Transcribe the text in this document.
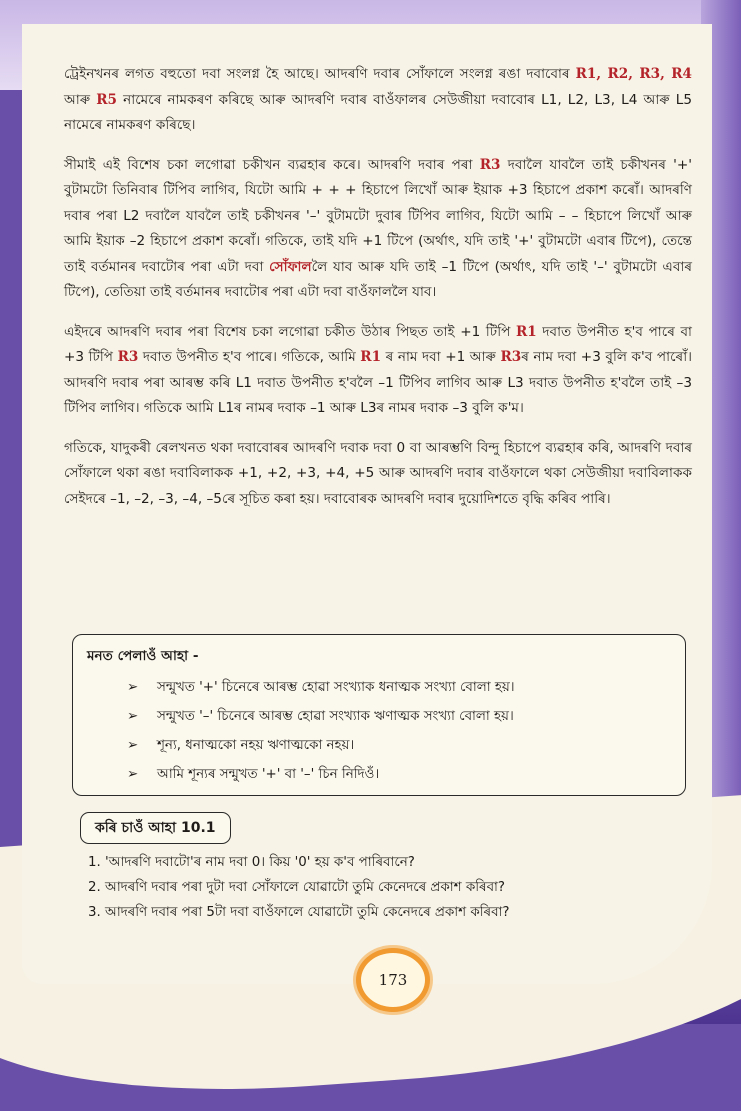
ট্ৰেইনখনৰ লগত বহুতো দবা সংলগ্ন হৈ আছে। আদৰণি দবাৰ সোঁফালে সংলগ্ন ৰঙা দবাবোৰ R1, R2, R3, R4 আৰু R5 নামেৰে নামকৰণ কৰিছে আৰু আদৰণি দবাৰ বাওঁফালৰ সেউজীয়া দবাবোৰ L1, L2, L3, L4 আৰু L5 নামেৰে নামকৰণ কৰিছে।

সীমাই এই বিশেষ চকা লগোৱা চকীখন ব্যৱহাৰ কৰে। আদৰণি দবাৰ পৰা R3 দবালৈ যাবলৈ তাই চকীখনৰ '+' বুটামটো তিনিবাৰ টিপিব লাগিব, যিটো আমি + + + হিচাপে লিখোঁ আৰু ইয়াক +3 হিচাপে প্ৰকাশ কৰোঁ। আদৰণি দবাৰ পৰা L2 দবালৈ যাবলৈ তাই চকীখনৰ '–' বুটামটো দুবাৰ টিপিব লাগিব, যিটো আমি – – হিচাপে লিখোঁ আৰু আমি ইয়াক –2 হিচাপে প্ৰকাশ কৰোঁ। গতিকে, তাই যদি +1 টিপে (অৰ্থাৎ, যদি তাই '+' বুটামটো এবাৰ টিপে), তেন্তে তাই বৰ্তমানৰ দবাটোৰ পৰা এটা দবা সোঁফাললৈ যাব আৰু যদি তাই –1 টিপে (অৰ্থাৎ, যদি তাই '–' বুটামটো এবাৰ টিপে), তেতিয়া তাই বৰ্তমানৰ দবাটোৰ পৰা এটা দবা বাওঁফাললৈ যাব।

এইদৰে আদৰণি দবাৰ পৰা বিশেষ চকা লগোৱা চকীত উঠাৰ পিছত তাই +1 টিপি R1 দবাত উপনীত হ'ব পাৰে বা +3 টিপি R3 দবাত উপনীত হ'ব পাৰে। গতিকে, আমি R1 ৰ নাম দবা +1 আৰু R3ৰ নাম দবা +3 বুলি ক'ব পাৰোঁ। আদৰণি দবাৰ পৰা আৰম্ভ কৰি L1 দবাত উপনীত হ'বলৈ –1 টিপিব লাগিব আৰু L3 দবাত উপনীত হ'বলৈ তাই –3 টিপিব লাগিব। গতিকে আমি L1ৰ নামৰ দবাক –1 আৰু L3ৰ নামৰ দবাক –3 বুলি ক'ম।

গতিকে, যাদুকৰী ৰেলখনত থকা দবাবোৰৰ আদৰণি দবাক দবা 0 বা আৰম্ভণি বিন্দু হিচাপে ব্যৱহাৰ কৰি, আদৰণি দবাৰ সোঁফালে থকা ৰঙা দবাবিলাকক +1, +2, +3, +4, +5 আৰু আদৰণি দবাৰ বাওঁফালে থকা সেউজীয়া দবাবিলাকক সেইদৰে –1, –2, –3, –4, –5ৰে সূচিত কৰা হয়। দবাবোৰক আদৰণি দবাৰ দুয়োদিশতে বৃদ্ধি কৰিব পাৰি।

মনত পেলাওঁ আহা -
➢	সন্মুখত '+' চিনেৰে আৰম্ভ হোৱা সংখ্যাক ধনাত্মক সংখ্যা বোলা হয়।
➢	সন্মুখত '–' চিনেৰে আৰম্ভ হোৱা সংখ্যাক ঋণাত্মক সংখ্যা বোলা হয়।
➢	শূন্য, ধনাত্মকো নহয় ঋণাত্মকো নহয়।
➢	আমি শূন্যৰ সন্মুখত '+' বা '–' চিন নিদিওঁ।
কৰি চাওঁ আহা 10.1
1. 'আদৰণি দবাটো'ৰ নাম দবা 0। কিয় '0' হয় ক'ব পাৰিবানে?
2. আদৰণি দবাৰ পৰা দুটা দবা সোঁফালে যোৱাটো তুমি কেনেদৰে প্ৰকাশ কৰিবা?
3. আদৰণি দবাৰ পৰা 5টা দবা বাওঁফালে যোৱাটো তুমি কেনেদৰে প্ৰকাশ কৰিবা?
173
